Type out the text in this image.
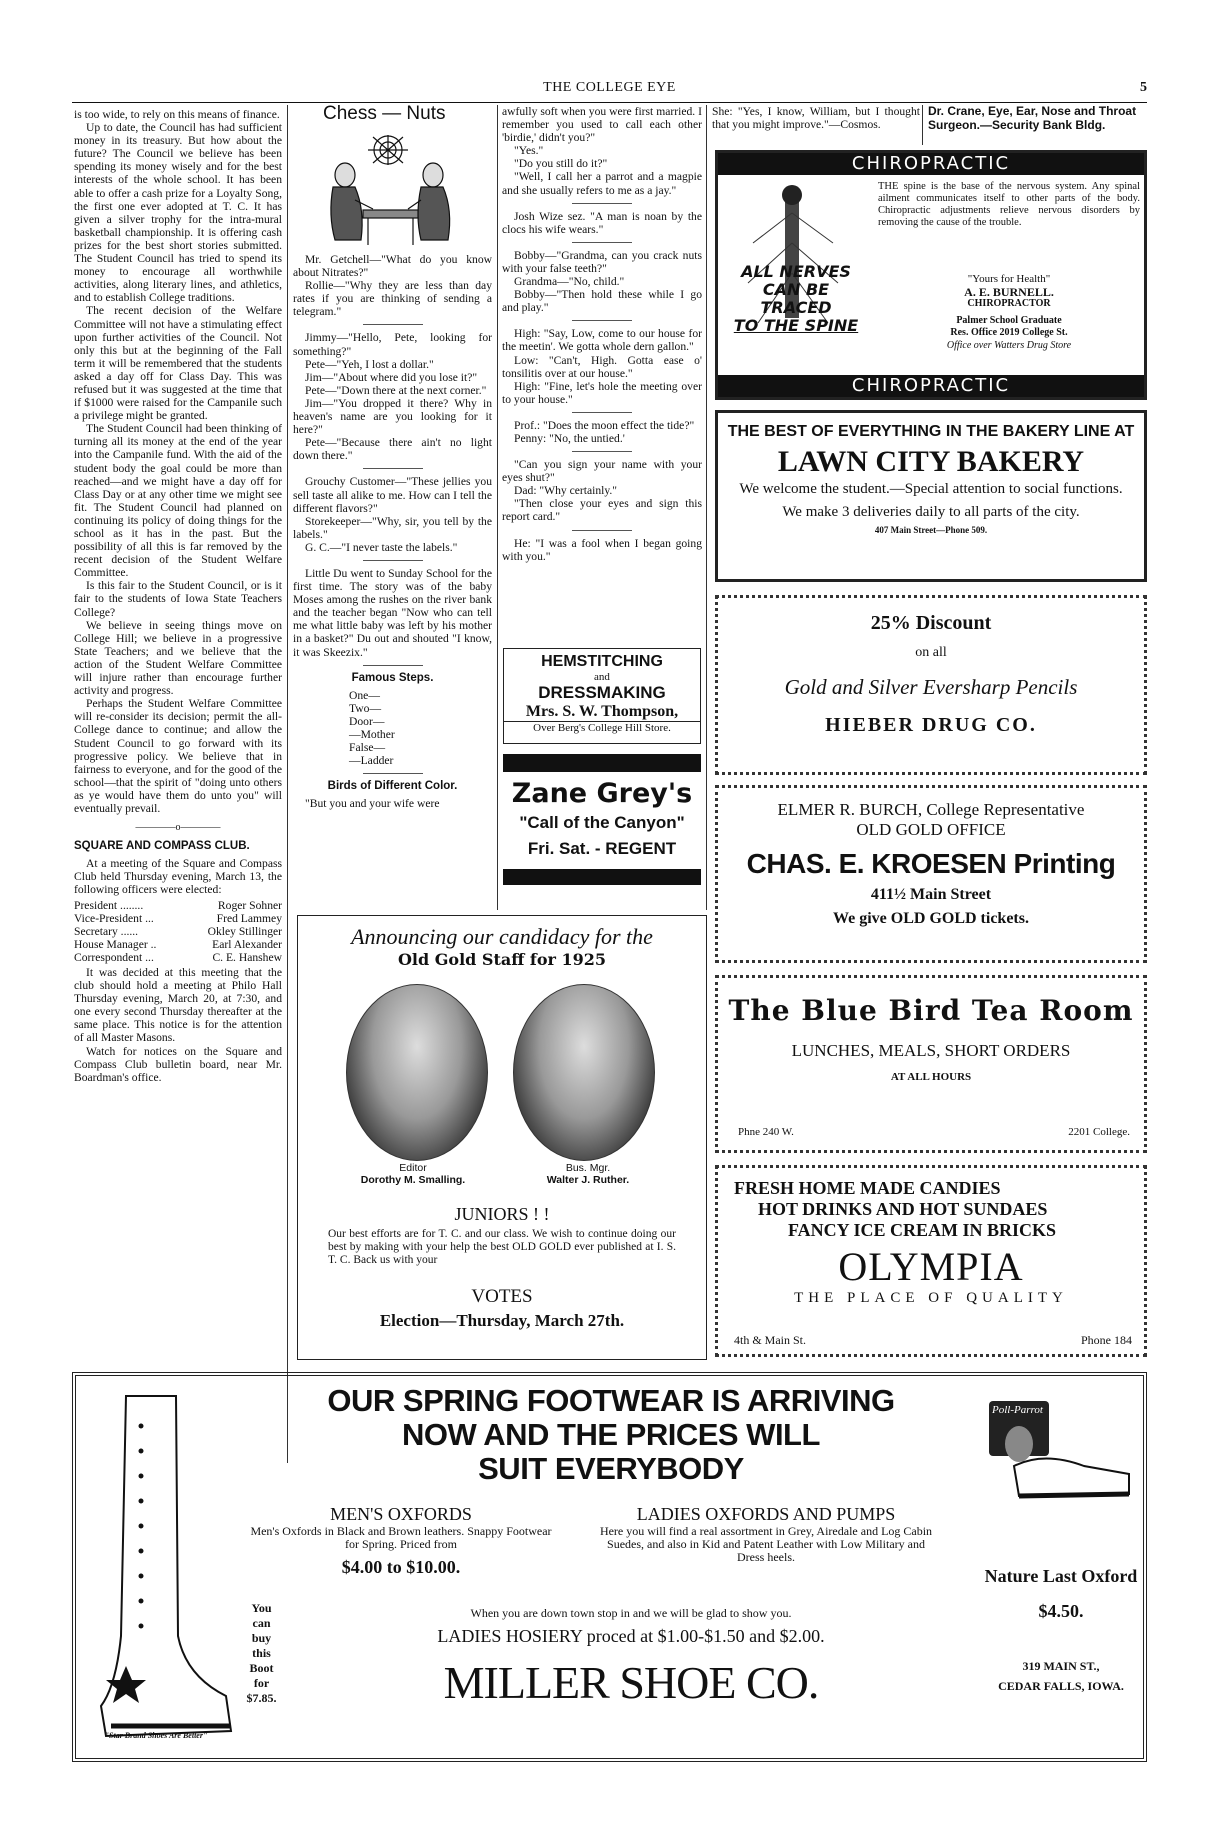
THE COLLEGE EYE	5

is too wide, to rely on this means of finance.

Up to date, the Council has had sufficient money in its treasury. But how about the future? The Council we believe has been spending its money wisely and for the best interests of the whole school. It has been able to offer a cash prize for a Loyalty Song, the first one ever adopted at T. C. It has given a silver trophy for the intra-mural basketball championship. It is offering cash prizes for the best short stories submitted. The Student Council has tried to spend its money to encourage all worthwhile activities, along literary lines, and athletics, and to establish College traditions.

The recent decision of the Welfare Committee will not have a stimulating effect upon further activities of the Council. Not only this but at the beginning of the Fall term it will be remembered that the students asked a day off for Class Day. This was refused but it was suggested at the time that if $1000 were raised for the Campanile such a privilege might be granted.

The Student Council had been thinking of turning all its money at the end of the year into the Campanile fund. With the aid of the student body the goal could be more than reached—and we might have a day off for Class Day or at any other time we might see fit. The Student Council had planned on continuing its policy of doing things for the school as it has in the past. But the possibility of all this is far removed by the recent decision of the Student Welfare Committee.

Is this fair to the Student Council, or is it fair to the students of Iowa State Teachers College?

We believe in seeing things move on College Hill; we believe in a progressive State Teachers; and we believe that the action of the Student Welfare Committee will injure rather than encourage further activity and progress.

Perhaps the Student Welfare Committee will re-consider its decision; permit the all-College dance to continue; and allow the Student Council to go forward with its progressive policy. We believe that in fairness to everyone, and for the good of the school—that the spirit of "doing unto others as ye would have them do unto you" will eventually prevail.

————o————
SQUARE AND COMPASS CLUB.

At a meeting of the Square and Compass Club held Thursday evening, March 13, the following officers were elected:

President ........	Roger Sohner
Vice-President ...	Fred Lammey
Secretary ......	Okley Stillinger
House Manager ..	Earl Alexander
Correspondent ...	C. E. Hanshew

It was decided at this meeting that the club should hold a meeting at Philo Hall Thursday evening, March 20, at 7:30, and one every second Thursday thereafter at the same place. This notice is for the attention of all Master Masons.

Watch for notices on the Square and Compass Club bulletin board, near Mr. Boardman's office.

Chess — Nuts

Mr. Getchell—"What do you know about Nitrates?"

Rollie—"Why they are less than day rates if you are thinking of sending a telegram."

Jimmy—"Hello, Pete, looking for something?"

Pete—"Yeh, I lost a dollar."

Jim—"About where did you lose it?"

Pete—"Down there at the next corner."

Jim—"You dropped it there? Why in heaven's name are you looking for it here?"

Pete—"Because there ain't no light down there."

Grouchy Customer—"These jellies you sell taste all alike to me. How can I tell the different flavors?"

Storekeeper—"Why, sir, you tell by the labels."

G. C.—"I never taste the labels."

Little Du went to Sunday School for the first time. The story was of the baby Moses among the rushes on the river bank and the teacher began "Now who can tell me what little baby was left by his mother in a basket?" Du out and shouted "I know, it was Skeezix."

Famous Steps.
One—
Two—
Door—
—Mother
False—
—Ladder
Birds of Different Color.

"But you and your wife were

awfully soft when you were first married. I remember you used to call each other 'birdie,' didn't you?"

"Yes."

"Do you still do it?"

"Well, I call her a parrot and a magpie and she usually refers to me as a jay."

Josh Wize sez. "A man is noan by the clocs his wife wears."

Bobby—"Grandma, can you crack nuts with your false teeth?"

Grandma—"No, child."

Bobby—"Then hold these while I go and play."

High: "Say, Low, come to our house for the meetin'. We gotta whole dern gallon."

Low: "Can't, High. Gotta ease o' tonsilitis over at our house."

High: "Fine, let's hole the meeting over to your house."

Prof.: "Does the moon effect the tide?"

Penny: "No, the untied.'

"Can you sign your name with your eyes shut?"

Dad: "Why certainly."

"Then close your eyes and sign this report card."

He: "I was a fool when I began going with you."

HEMSTITCHING
and
DRESSMAKING
Mrs. S. W. Thompson,
Over Berg's College Hill Store.
Zane Grey's
"Call of the Canyon"
Fri. Sat. - REGENT
She: "Yes, I know, William, but I thought that you might improve."—Cosmos.
Dr. Crane, Eye, Ear, Nose and Throat Surgeon.—Security Bank Bldg.
CHIROPRACTIC
ALL NERVES
CAN BE TRACED
TO THE SPINE
THE spine is the base of the nervous system. Any spinal ailment communicates itself to other parts of the body. Chiropractic adjustments relieve nervous disorders by removing the cause of the trouble.
"Yours for Health"
A. E. BURNELL.
CHIROPRACTOR
Palmer School Graduate
Res. Office 2019 College St.
Office over Watters Drug Store
CHIROPRACTIC
THE BEST OF EVERYTHING IN THE BAKERY LINE AT
LAWN CITY BAKERY
We welcome the student.—Special attention to social functions.
We make 3 deliveries daily to all parts of the city.
407 Main Street—Phone 509.
25% Discount
on all
Gold and Silver Eversharp Pencils
HIEBER DRUG CO.
ELMER R. BURCH, College Representative
OLD GOLD OFFICE
CHAS. E. KROESEN Printing
411½ Main Street
We give OLD GOLD tickets.
The Blue Bird Tea Room
LUNCHES, MEALS, SHORT ORDERS
AT ALL HOURS
Phne 240 W.	2201 College.
FRESH HOME MADE CANDIES
HOT DRINKS AND HOT SUNDAES
FANCY ICE CREAM IN BRICKS
OLYMPIA
THE PLACE OF QUALITY
4th & Main St.	Phone 184
Announcing our candidacy for the
Old Gold Staff for 1925
Editor
Dorothy M. Smalling.
Bus. Mgr.
Walter J. Ruther.
JUNIORS ! !
Our best efforts are for T. C. and our class. We wish to continue doing our best by making with your help the best OLD GOLD ever published at I. S. T. C. Back us with your
VOTES
Election—Thursday, March 27th.
"Star Brand Shoes Are Better"
OUR SPRING FOOTWEAR IS ARRIVING
NOW AND THE PRICES WILL
SUIT EVERYBODY
MEN'S OXFORDS
Men's Oxfords in Black and Brown leathers. Snappy Footwear for Spring. Priced from
$4.00 to $10.00.
LADIES OXFORDS AND PUMPS
Here you will find a real assortment in Grey, Airedale and Log Cabin Suedes, and also in Kid and Patent Leather with Low Military and Dress heels.
You can buy this Boot for $7.85.
When you are down town stop in and we will be glad to show you.
LADIES HOSIERY proced at $1.00-$1.50 and $2.00.
MILLER SHOE CO.
Poll-Parrot
Nature Last Oxford
$4.50.
319 MAIN ST.,
CEDAR FALLS, IOWA.
